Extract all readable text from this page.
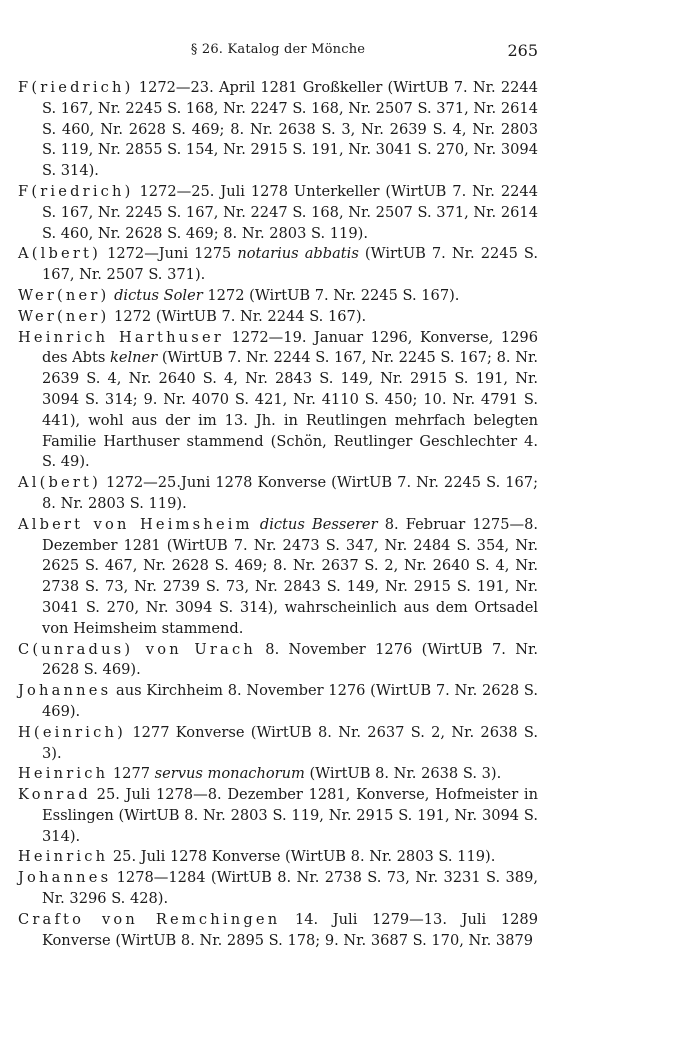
§ 26. Katalog der Mönche	265

F(riedrich) 1272—23. April 1281 Großkeller (WirtUB 7. Nr. 2244 S. 167, Nr. 2245 S. 168, Nr. 2247 S. 168, Nr. 2507 S. 371, Nr. 2614 S. 460, Nr. 2628 S. 469; 8. Nr. 2638 S. 3, Nr. 2639 S. 4, Nr. 2803 S. 119, Nr. 2855 S. 154, Nr. 2915 S. 191, Nr. 3041 S. 270, Nr. 3094 S. 314).

F(riedrich) 1272—25. Juli 1278 Unterkeller (WirtUB 7. Nr. 2244 S. 167, Nr. 2245 S. 167, Nr. 2247 S. 168, Nr. 2507 S. 371, Nr. 2614 S. 460, Nr. 2628 S. 469; 8. Nr. 2803 S. 119).

A(lbert) 1272—Juni 1275 notarius abbatis (WirtUB 7. Nr. 2245 S. 167, Nr. 2507 S. 371).

Wer(ner) dictus Soler 1272 (WirtUB 7. Nr. 2245 S. 167).

Wer(ner) 1272 (WirtUB 7. Nr. 2244 S. 167).

Heinrich Harthuser 1272—19. Januar 1296, Konverse, 1296 des Abts kelner (WirtUB 7. Nr. 2244 S. 167, Nr. 2245 S. 167; 8. Nr. 2639 S. 4, Nr. 2640 S. 4, Nr. 2843 S. 149, Nr. 2915 S. 191, Nr. 3094 S. 314; 9. Nr. 4070 S. 421, Nr. 4110 S. 450; 10. Nr. 4791 S. 441), wohl aus der im 13. Jh. in Reutlingen mehrfach belegten Familie Harthuser stammend (Schön, Reutlinger Geschlechter 4. S. 49).

Al(bert) 1272—25.Juni 1278 Konverse (WirtUB 7. Nr. 2245 S. 167; 8. Nr. 2803 S. 119).

Albert von Heimsheim dictus Besserer 8. Februar 1275—8. Dezember 1281 (WirtUB 7. Nr. 2473 S. 347, Nr. 2484 S. 354, Nr. 2625 S. 467, Nr. 2628 S. 469; 8. Nr. 2637 S. 2, Nr. 2640 S. 4, Nr. 2738 S. 73, Nr. 2739 S. 73, Nr. 2843 S. 149, Nr. 2915 S. 191, Nr. 3041 S. 270, Nr. 3094 S. 314), wahrscheinlich aus dem Ortsadel von Heimsheim stammend.

C(unradus) von Urach 8. November 1276 (WirtUB 7. Nr. 2628 S. 469).

Johannes aus Kirchheim 8. November 1276 (WirtUB 7. Nr. 2628 S. 469).

H(einrich) 1277 Konverse (WirtUB 8. Nr. 2637 S. 2, Nr. 2638 S. 3).

Heinrich 1277 servus monachorum (WirtUB 8. Nr. 2638 S. 3).

Konrad 25. Juli 1278—8. Dezember 1281, Konverse, Hofmeister in Esslingen (WirtUB 8. Nr. 2803 S. 119, Nr. 2915 S. 191, Nr. 3094 S. 314).

Heinrich 25. Juli 1278 Konverse (WirtUB 8. Nr. 2803 S. 119).

Johannes 1278—1284 (WirtUB 8. Nr. 2738 S. 73, Nr. 3231 S. 389, Nr. 3296 S. 428).

Crafto von Remchingen 14. Juli 1279—13. Juli 1289 Konverse (WirtUB 8. Nr. 2895 S. 178; 9. Nr. 3687 S. 170, Nr. 3879
